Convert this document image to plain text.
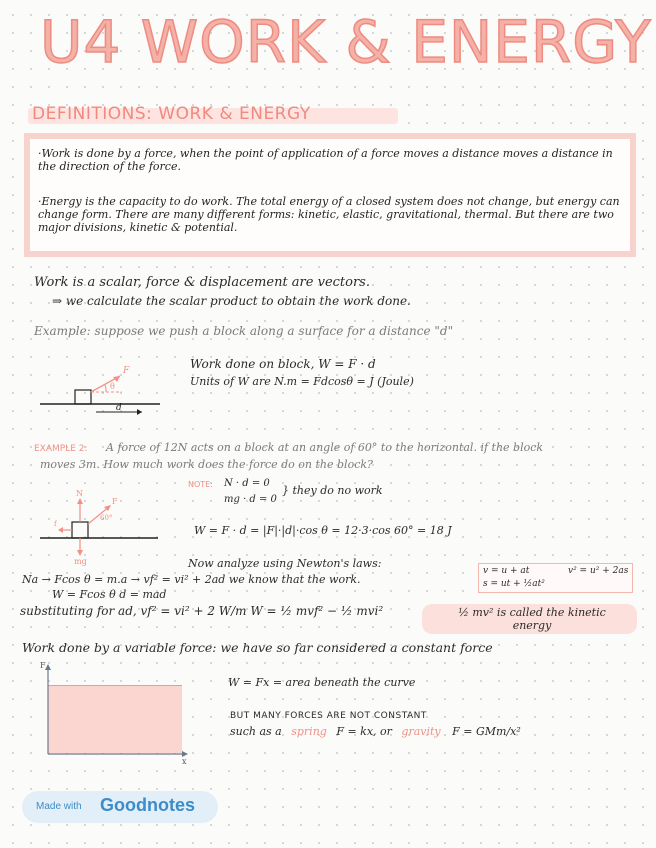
U4 WORK & ENERGY
DEFINITIONS: WORK & ENERGY
·Work is done by a force, when the point of application of a force moves a distance moves a distance in the direction of the force.
·Energy is the capacity to do work. The total energy of a closed system does not change, but energy can change form. There are many different forms: kinetic, elastic, gravitational, thermal. But there are two major divisions, kinetic & potential.
Work is a scalar, force & displacement are vectors.
⇒ we calculate the scalar product to obtain the work done.
Example: suppose we push a block along a surface for a distance "d"
Work done on block, W = F · d
Units of W are N.m = Fdcosθ = J (Joule)
F
θ
d
EXAMPLE 2: A force of 12N acts on a block at an angle of 60° to the horizontal. if the block
moves 3m. How much work does the force do on the block?
NOTE: N · d = 0
mg · d = 0
} they do no work
N
F
60°
f
mg
W = F · d = |F|·|d|·cos θ = 12·3·cos 60° = 18 J
Now analyze using Newton's laws:
Na → Fcos θ = m.a → vf² = vi² + 2ad we know that the work.
W = Fcos θ d = mad
v = u + at
s = ut + ½at²
v² = u² + 2as
substituting for ad, vf² = vi² + 2 W/m W = ½ mvf² − ½ mvi²	½ mv² is called the kinetic energy
Work done by a variable force: we have so far considered a constant force
F
x
W = Fx = area beneath the curve
BUT MANY FORCES ARE NOT CONSTANT
such as a spring F = kx, or gravity F = GMm/x²
Made with Goodnotes
